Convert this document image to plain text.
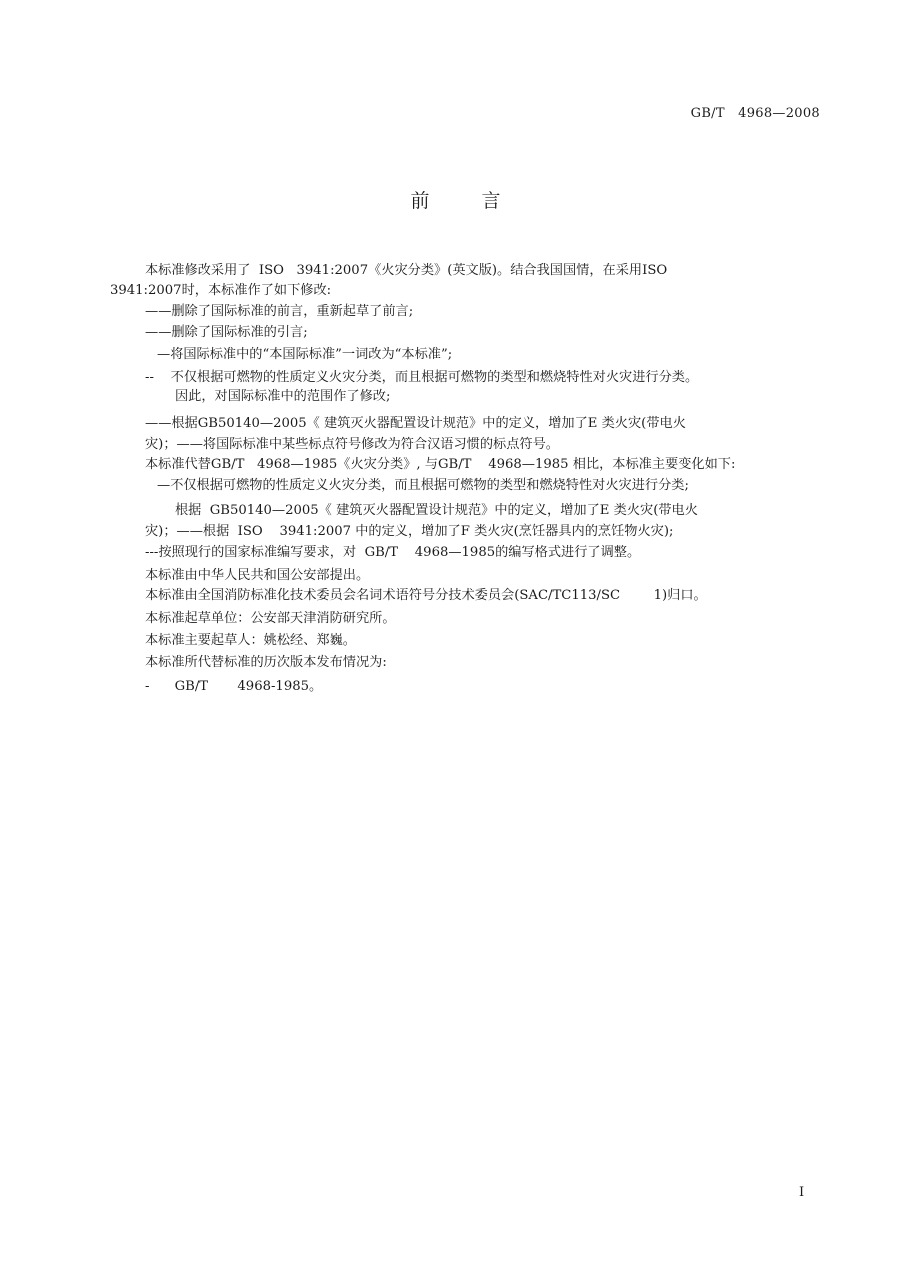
GB/T   4968—2008
前言
本标准修改采用了  ISO   3941:2007《火灾分类》(英文版)。结合我国国情，在采用ISO
3941:2007时，本标准作了如下修改:
——删除了国际标准的前言，重新起草了前言;
——删除了国际标准的引言;
—将国际标准中的“本国际标准”一词改为“本标准”;
--    不仅根据可燃物的性质定义火灾分类，而且根据可燃物的类型和燃烧特性对火灾进行分类。
因此，对国际标准中的范围作了修改;
——根据GB50140—2005《 建筑灭火器配置设计规范》中的定义，增加了E 类火灾(带电火
灾)；——将国际标准中某些标点符号修改为符合汉语习惯的标点符号。
本标准代替GB/T   4968—1985《火灾分类》, 与GB/T    4968—1985 相比，本标准主要变化如下:
—不仅根据可燃物的性质定义火灾分类，而且根据可燃物的类型和燃烧特性对火灾进行分类;
根据  GB50140—2005《 建筑灭火器配置设计规范》中的定义，增加了E 类火灾(带电火
灾)；——根据  ISO    3941:2007 中的定义，增加了F 类火灾(烹饪器具内的烹饪物火灾);
---按照现行的国家标准编写要求，对  GB/T    4968—1985的编写格式进行了调整。
本标准由中华人民共和国公安部提出。
本标准由全国消防标准化技术委员会名词术语符号分技术委员会(SAC/TC113/SC        1)归口。
本标准起草单位：公安部天津消防研究所。
本标准主要起草人：姚松经、郑巍。
本标准所代替标准的历次版本发布情况为:
-      GB/T       4968-1985。
I
